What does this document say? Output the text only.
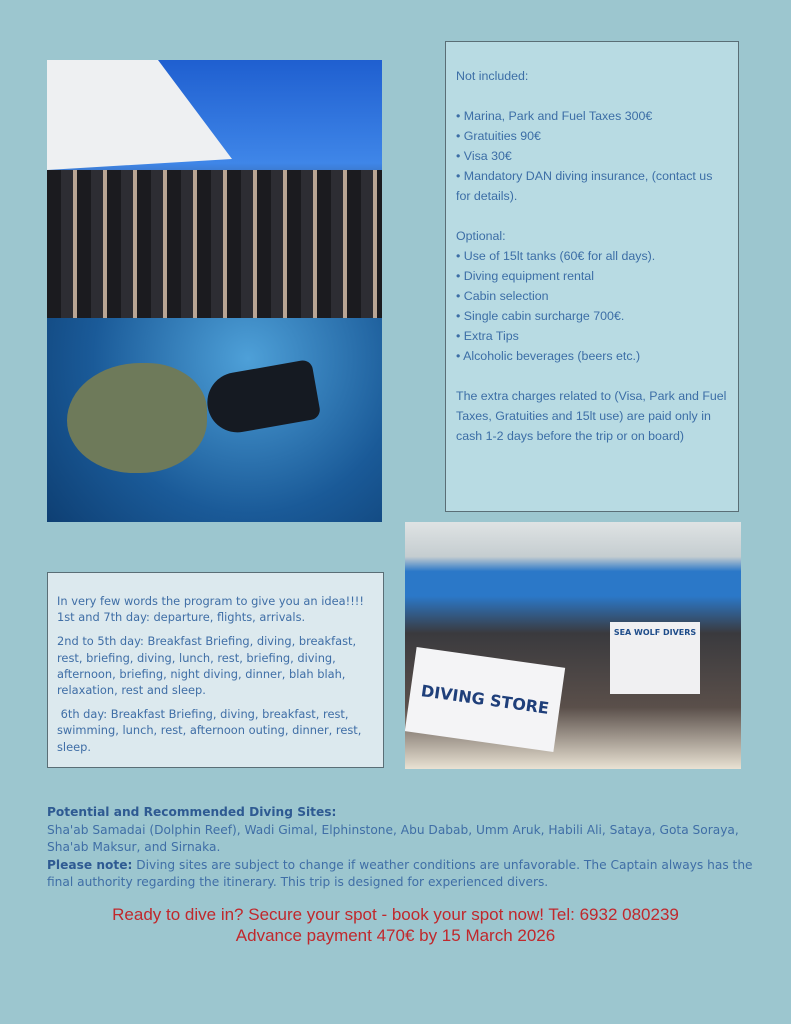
DIVING STORE
SEA WOLF DIVERS

Not included:

• Marina, Park and Fuel Taxes 300€

• Gratuities 90€

• Visa 30€

• Mandatory DAN diving insurance, (contact us for details).

Optional:

• Use of 15lt tanks (60€ for all days).

• Diving equipment rental

• Cabin selection

• Single cabin surcharge 700€.

• Extra Tips

• Alcoholic beverages (beers etc.)

The extra charges related to (Visa, Park and Fuel Taxes, Gratuities and 15lt use) are paid only in cash 1-2 days before the trip or on board)

In very few words the program to give you an idea!!!!
1st and 7th day: departure, flights, arrivals.

2nd to 5th day: Breakfast Briefing, diving, breakfast, rest, briefing, diving, lunch, rest, briefing, diving, afternoon, briefing, night diving, dinner, blah blah, relaxation, rest and sleep.

6th day: Breakfast Briefing, diving, breakfast, rest, swimming, lunch, rest, afternoon outing, dinner, rest, sleep.

Potential and Recommended Diving Sites:
Sha'ab Samadai (Dolphin Reef), Wadi Gimal, Elphinstone, Abu Dabab, Umm Aruk, Habili Ali, Sataya, Gota Soraya, Sha'ab Maksur, and Sirnaka.
Please note: Diving sites are subject to change if weather conditions are unfavorable. The Captain always has the final authority regarding the itinerary. This trip is designed for experienced divers.
Ready to dive in? Secure your spot - book your spot now! Tel: 6932 080239
Advance payment 470€ by 15 March 2026
